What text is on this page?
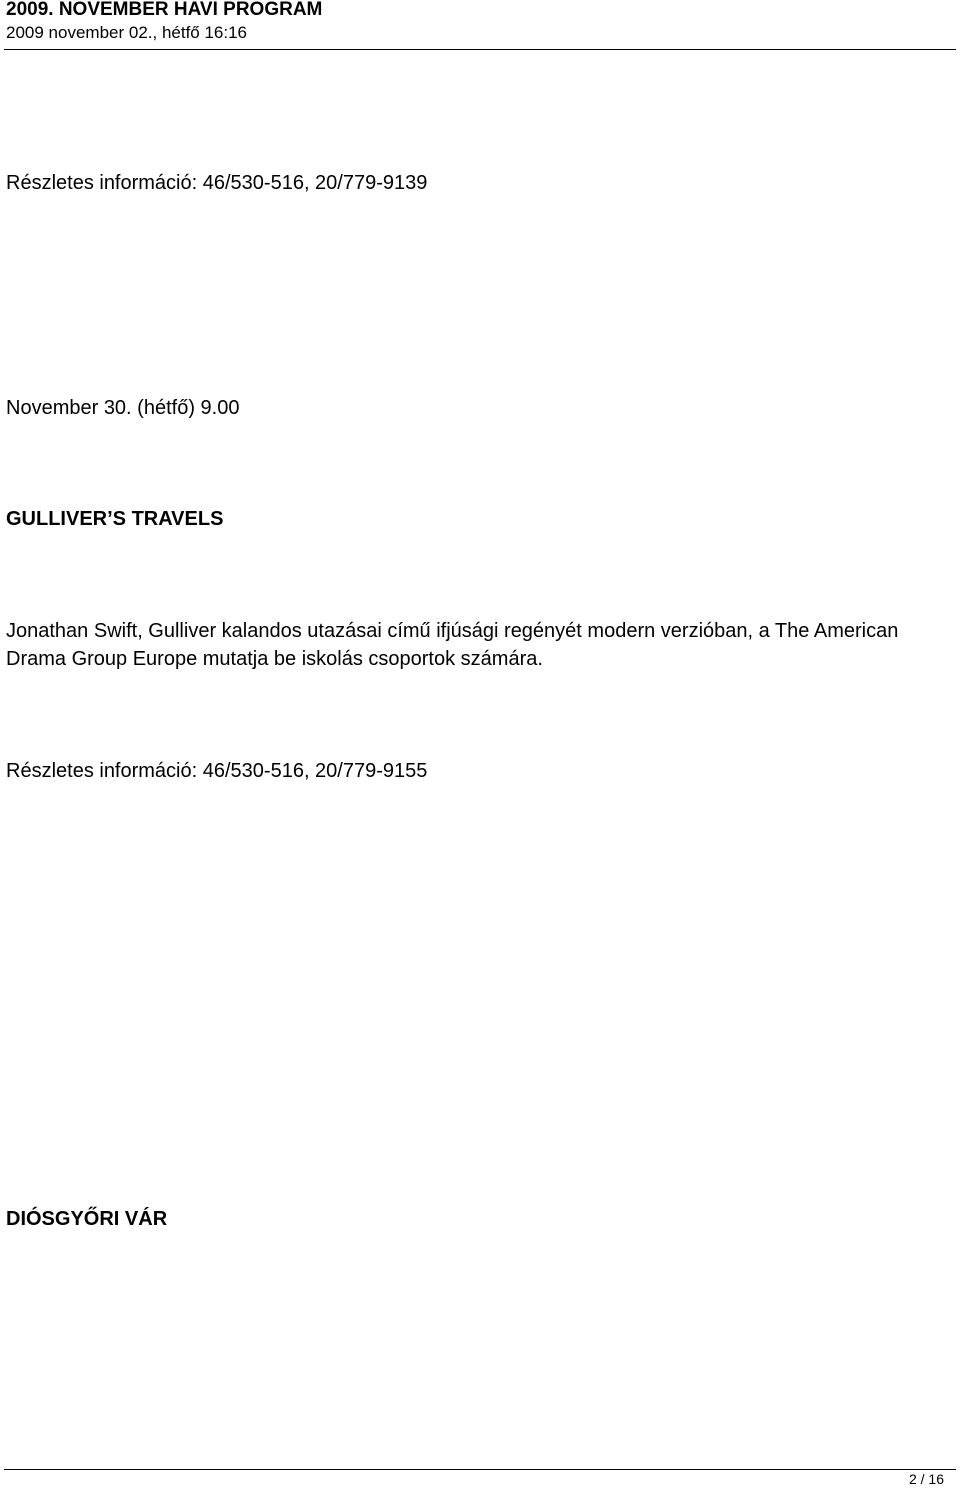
2009. NOVEMBER HAVI PROGRAM
2009 november 02., hétfő 16:16
Részletes információ: 46/530-516, 20/779-9139
November 30. (hétfő) 9.00
GULLIVER’S TRAVELS
Jonathan Swift, Gulliver kalandos utazásai című ifjúsági regényét modern verzióban, a The American Drama Group Europe mutatja be iskolás csoportok számára.
Részletes információ: 46/530-516, 20/779-9155
DIÓSGYŐRI VÁR
2 / 16
